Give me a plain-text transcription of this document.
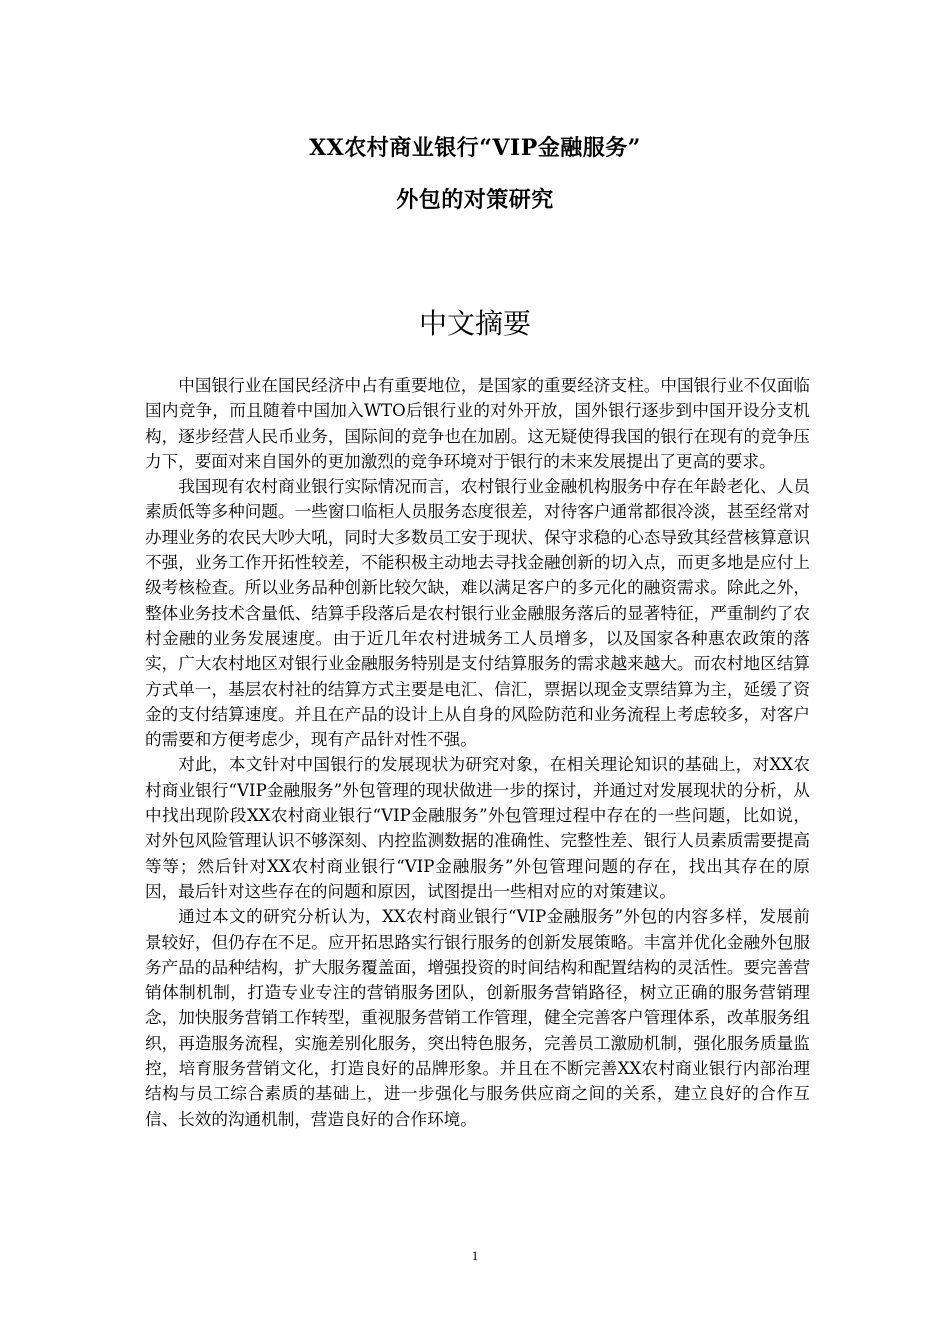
XX农村商业银行“VIP金融服务”
外包的对策研究
中文摘要

中国银行业在国民经济中占有重要地位，是国家的重要经济支柱。中国银行业不仅面临国内竞争，而且随着中国加入WTO后银行业的对外开放，国外银行逐步到中国开设分支机构，逐步经营人民币业务，国际间的竞争也在加剧。这无疑使得我国的银行在现有的竞争压力下，要面对来自国外的更加激烈的竞争环境对于银行的未来发展提出了更高的要求。

我国现有农村商业银行实际情况而言，农村银行业金融机构服务中存在年龄老化、人员素质低等多种问题。一些窗口临柜人员服务态度很差，对待客户通常都很冷淡，甚至经常对办理业务的农民大吵大吼，同时大多数员工安于现状、保守求稳的心态导致其经营核算意识不强，业务工作开拓性较差，不能积极主动地去寻找金融创新的切入点，而更多地是应付上级考核检查。所以业务品种创新比较欠缺，难以满足客户的多元化的融资需求。除此之外，整体业务技术含量低、结算手段落后是农村银行业金融服务落后的显著特征，严重制约了农村金融的业务发展速度。由于近几年农村进城务工人员增多，以及国家各种惠农政策的落实，广大农村地区对银行业金融服务特别是支付结算服务的需求越来越大。而农村地区结算方式单一，基层农村社的结算方式主要是电汇、信汇，票据以现金支票结算为主，延缓了资金的支付结算速度。并且在产品的设计上从自身的风险防范和业务流程上考虑较多，对客户的需要和方便考虑少，现有产品针对性不强。

对此，本文针对中国银行的发展现状为研究对象，在相关理论知识的基础上，对XX农村商业银行“VIP金融服务”外包管理的现状做进一步的探讨，并通过对发展现状的分析，从中找出现阶段XX农村商业银行“VIP金融服务”外包管理过程中存在的一些问题，比如说，对外包风险管理认识不够深刻、内控监测数据的准确性、完整性差、银行人员素质需要提高等等；然后针对XX农村商业银行“VIP金融服务”外包管理问题的存在，找出其存在的原因，最后针对这些存在的问题和原因，试图提出一些相对应的对策建议。

通过本文的研究分析认为，XX农村商业银行“VIP金融服务”外包的内容多样，发展前景较好，但仍存在不足。应开拓思路实行银行服务的创新发展策略。丰富并优化金融外包服务产品的品种结构，扩大服务覆盖面，增强投资的时间结构和配置结构的灵活性。要完善营销体制机制，打造专业专注的营销服务团队，创新服务营销路径，树立正确的服务营销理念，加快服务营销工作转型，重视服务营销工作管理，健全完善客户管理体系，改革服务组织，再造服务流程，实施差别化服务，突出特色服务，完善员工激励机制，强化服务质量监控，培育服务营销文化，打造良好的品牌形象。并且在不断完善XX农村商业银行内部治理结构与员工综合素质的基础上，进一步强化与服务供应商之间的关系，建立良好的合作互信、长效的沟通机制，营造良好的合作环境。

1
